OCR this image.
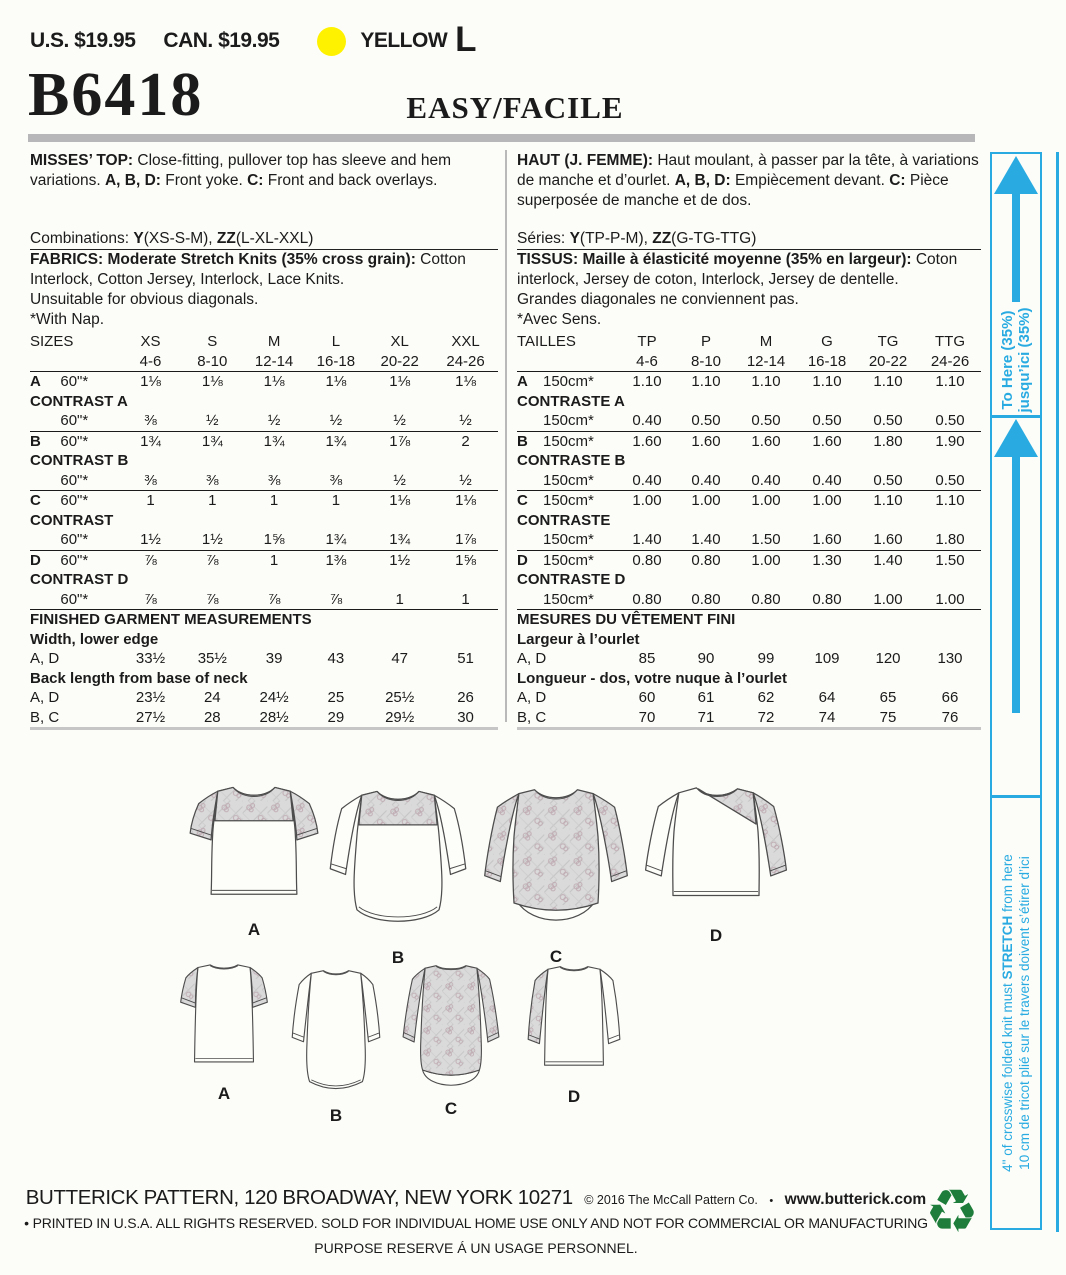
U.S. $19.95 CAN. $19.95	YELLOW L
B6418	EASY/FACILE
MISSES’ TOP: Close-fitting, pullover top has sleeve and hem variations. A, B, D: Front yoke. C: Front and back overlays.
Combinations: Y(XS-S-M), ZZ(L-XL-XXL)
FABRICS: Moderate Stretch Knits (35% cross grain): Cotton Interlock, Cotton Jersey, Interlock, Lace Knits.
Unsuitable for obvious diagonals.
*With Nap.
SIZES		XS	S	M	L	XL	XXL
		4-6	8-10	12-14	16-18	20-22	24-26
A	60"*	1⅛	1⅛	1⅛	1⅛	1⅛	1⅛
CONTRAST A							
	60"*	⅜	½	½	½	½	½
B	60"*	1¾	1¾	1¾	1¾	1⅞	2
CONTRAST B							
	60"*	⅜	⅜	⅜	⅜	½	½
C	60"*	1	1	1	1	1⅛	1⅛
CONTRAST							
	60"*	1½	1½	1⅝	1¾	1¾	1⅞
D	60"*	⅞	⅞	1	1⅜	1½	1⅝
CONTRAST D							
	60"*	⅞	⅞	⅞	⅞	1	1
FINISHED GARMENT MEASUREMENTS							
Width, lower edge							
A, D		33½	35½	39	43	47	51
Back length from base of neck							
A, D		23½	24	24½	25	25½	26
B, C		27½	28	28½	29	29½	30
HAUT (J. FEMME): Haut moulant, à passer par la tête, à variations de manche et d’ourlet. A, B, D: Empiècement devant. C: Pièce superposée de manche et de dos.
Séries: Y(TP-P-M), ZZ(G-TG-TTG)
TISSUS: Maille à élasticité moyenne (35% en largeur): Coton interlock, Jersey de coton, Interlock, Jersey de dentelle.
Grandes diagonales ne conviennent pas.
*Avec Sens.
TAILLES		TP	P	M	G	TG	TTG
		4-6	8-10	12-14	16-18	20-22	24-26
A	150cm*	1.10	1.10	1.10	1.10	1.10	1.10
CONTRASTE A							
	150cm*	0.40	0.50	0.50	0.50	0.50	0.50
B	150cm*	1.60	1.60	1.60	1.60	1.80	1.90
CONTRASTE B							
	150cm*	0.40	0.40	0.40	0.40	0.50	0.50
C	150cm*	1.00	1.00	1.00	1.00	1.10	1.10
CONTRASTE							
	150cm*	1.40	1.40	1.50	1.60	1.60	1.80
D	150cm*	0.80	0.80	1.00	1.30	1.40	1.50
CONTRASTE D							
	150cm*	0.80	0.80	0.80	0.80	1.00	1.00
MESURES DU VÊTEMENT FINI							
Largeur à l’ourlet							
A, D		85	90	99	109	120	130
Longueur - dos, votre nuque à l’ourlet							
A, D		60	61	62	64	65	66
B, C		70	71	72	74	75	76
To Here (35%) jusqu’ici (35%)
4" of crosswise folded knit must STRETCH from here 10 cm de tricot plié sur le travers doivent s’étirer d’ici
A
B	C
D
A
B	C
D
BUTTERICK PATTERN, 120 BROADWAY, NEW YORK 10271 © 2016 The McCall Pattern Co. • www.butterick.com
• PRINTED IN U.S.A. ALL RIGHTS RESERVED. SOLD FOR INDIVIDUAL HOME USE ONLY AND NOT FOR COMMERCIAL OR MANUFACTURING
PURPOSE RESERVE Á UN USAGE PERSONNEL.
♻
